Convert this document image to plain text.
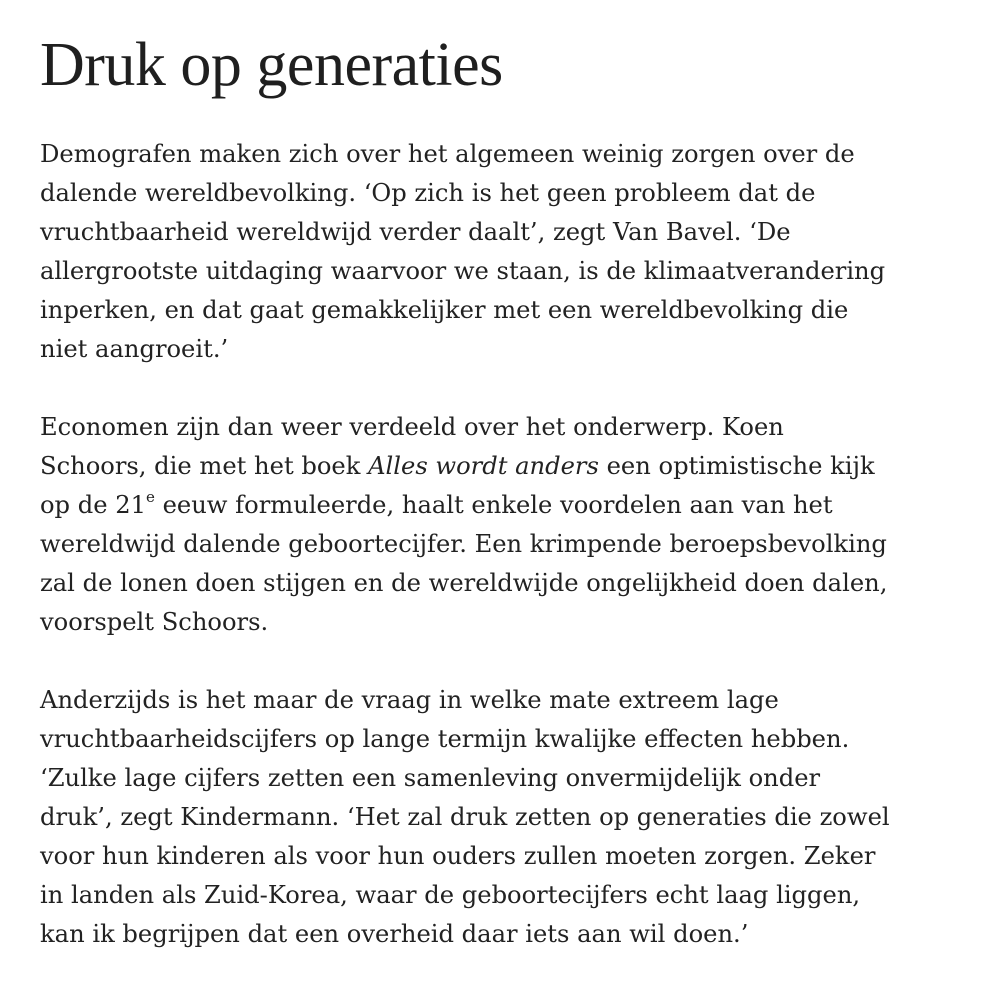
Druk op generaties

Demografen maken zich over het algemeen weinig zorgen over de
dalende wereldbevolking. ‘Op zich is het geen probleem dat de
vruchtbaarheid wereldwijd verder daalt’, zegt Van Bavel. ‘De
allergrootste uitdaging waarvoor we staan, is de klimaatverandering
inperken, en dat gaat gemakkelijker met een wereldbevolking die
niet aangroeit.’

Economen zijn dan weer verdeeld over het onderwerp. Koen
Schoors, die met het boek Alles wordt anders een optimistische kijk
op de 21e eeuw formuleerde, haalt enkele voordelen aan van het
wereldwijd dalende geboortecijfer. Een krimpende beroepsbevolking
zal de lonen doen stijgen en de wereldwijde ongelijkheid doen dalen,
voorspelt Schoors.

Anderzijds is het maar de vraag in welke mate extreem lage
vruchtbaarheidscijfers op lange termijn kwalijke effecten hebben.
‘Zulke lage cijfers zetten een samenleving onvermijdelijk onder
druk’, zegt Kindermann. ‘Het zal druk zetten op generaties die zowel
voor hun kinderen als voor hun ouders zullen moeten zorgen. Zeker
in landen als Zuid-Korea, waar de geboortecijfers echt laag liggen,
kan ik begrijpen dat een overheid daar iets aan wil doen.’
